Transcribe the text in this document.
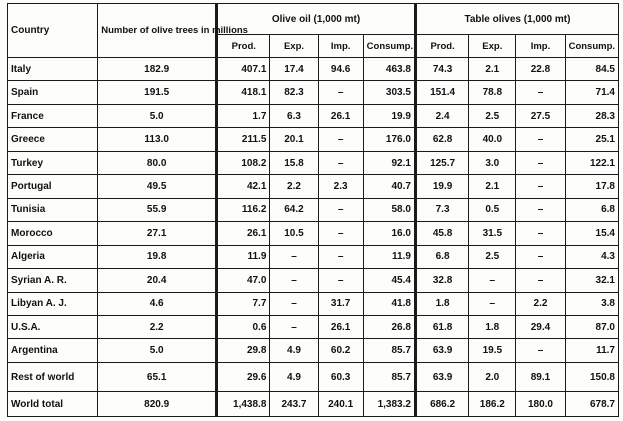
Country	Number of olive trees in millions	Olive oil (1,000 mt)				Table olives (1,000 mt)			
		Prod.	Exp.	Imp.	Consump.	Prod.	Exp.	Imp.	Consump.
Italy	182.9	407.1	17.4	94.6	463.8	74.3	2.1	22.8	84.5
Spain	191.5	418.1	82.3	–	303.5	151.4	78.8	–	71.4
France	5.0	1.7	6.3	26.1	19.9	2.4	2.5	27.5	28.3
Greece	113.0	211.5	20.1	–	176.0	62.8	40.0	–	25.1
Turkey	80.0	108.2	15.8	–	92.1	125.7	3.0	–	122.1
Portugal	49.5	42.1	2.2	2.3	40.7	19.9	2.1	–	17.8
Tunisia	55.9	116.2	64.2	–	58.0	7.3	0.5	–	6.8
Morocco	27.1	26.1	10.5	–	16.0	45.8	31.5	–	15.4
Algeria	19.8	11.9	–	–	11.9	6.8	2.5	–	4.3
Syrian A. R.	20.4	47.0	–	–	45.4	32.8	–	–	32.1
Libyan A. J.	4.6	7.7	–	31.7	41.8	1.8	–	2.2	3.8
U.S.A.	2.2	0.6	–	26.1	26.8	61.8	1.8	29.4	87.0
Argentina	5.0	29.8	4.9	60.2	85.7	63.9	19.5	–	11.7
Rest of world	65.1	29.6	4.9	60.3	85.7	63.9	2.0	89.1	150.8
World total	820.9	1,438.8	243.7	240.1	1,383.2	686.2	186.2	180.0	678.7
